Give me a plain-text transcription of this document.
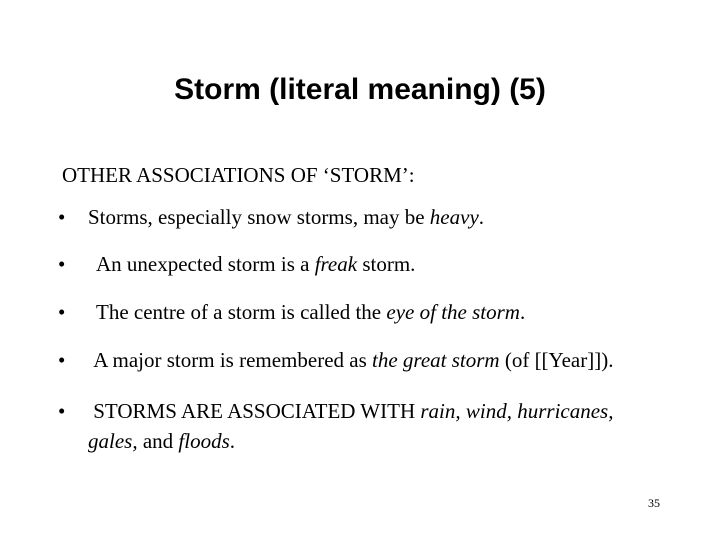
Storm (literal meaning) (5)

OTHER ASSOCIATIONS OF ‘STORM’:

• Storms, especially snow storms, may be heavy.
• An unexpected storm is a freak storm.
• The centre of a storm is called the eye of the storm.
• A major storm is remembered as the great storm (of [[Year]]).
• STORMS ARE ASSOCIATED WITH rain, wind, hurricanes, gales, and floods.
35
